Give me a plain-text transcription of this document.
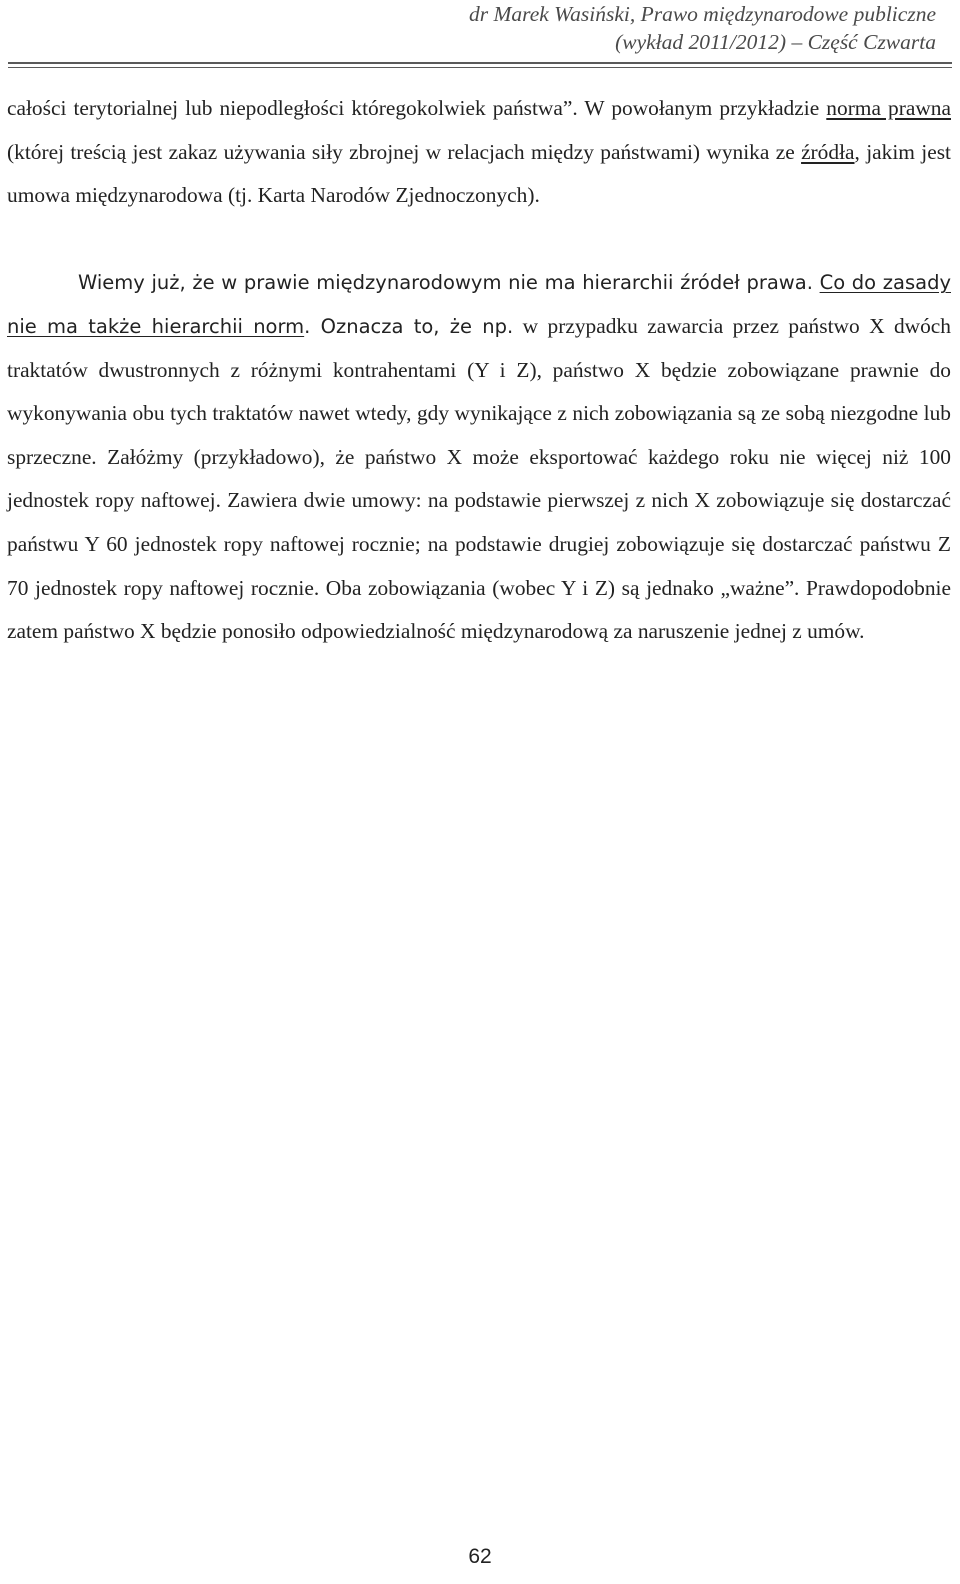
dr Marek Wasiński, Prawo międzynarodowe publiczne
(wykład 2011/2012) – Część Czwarta

całości terytorialnej lub niepodległości któregokolwiek państwa”. W powołanym przykładzie norma prawna (której treścią jest zakaz używania siły zbrojnej w relacjach między państwami) wynika ze źródła, jakim jest umowa międzynarodowa (tj. Karta Narodów Zjednoczonych).

Wiemy już, że w prawie międzynarodowym nie ma hierarchii źródeł prawa. Co do zasady nie ma także hierarchii norm. Oznacza to, że np. w przypadku zawarcia przez państwo X dwóch traktatów dwustronnych z różnymi kontrahentami (Y i Z), państwo X będzie zobowiązane prawnie do wykonywania obu tych traktatów nawet wtedy, gdy wynikające z nich zobowiązania są ze sobą niezgodne lub sprzeczne. Załóżmy (przykładowo), że państwo X może eksportować każdego roku nie więcej niż 100 jednostek ropy naftowej. Zawiera dwie umowy: na podstawie pierwszej z nich X zobowiązuje się dostarczać państwu Y 60 jednostek ropy naftowej rocznie; na podstawie drugiej zobowiązuje się dostarczać państwu Z 70 jednostek ropy naftowej rocznie. Oba zobowiązania (wobec Y i Z) są jednako „ważne”. Prawdopodobnie zatem państwo X będzie ponosiło odpowiedzialność międzynarodową za naruszenie jednej z umów.

62
